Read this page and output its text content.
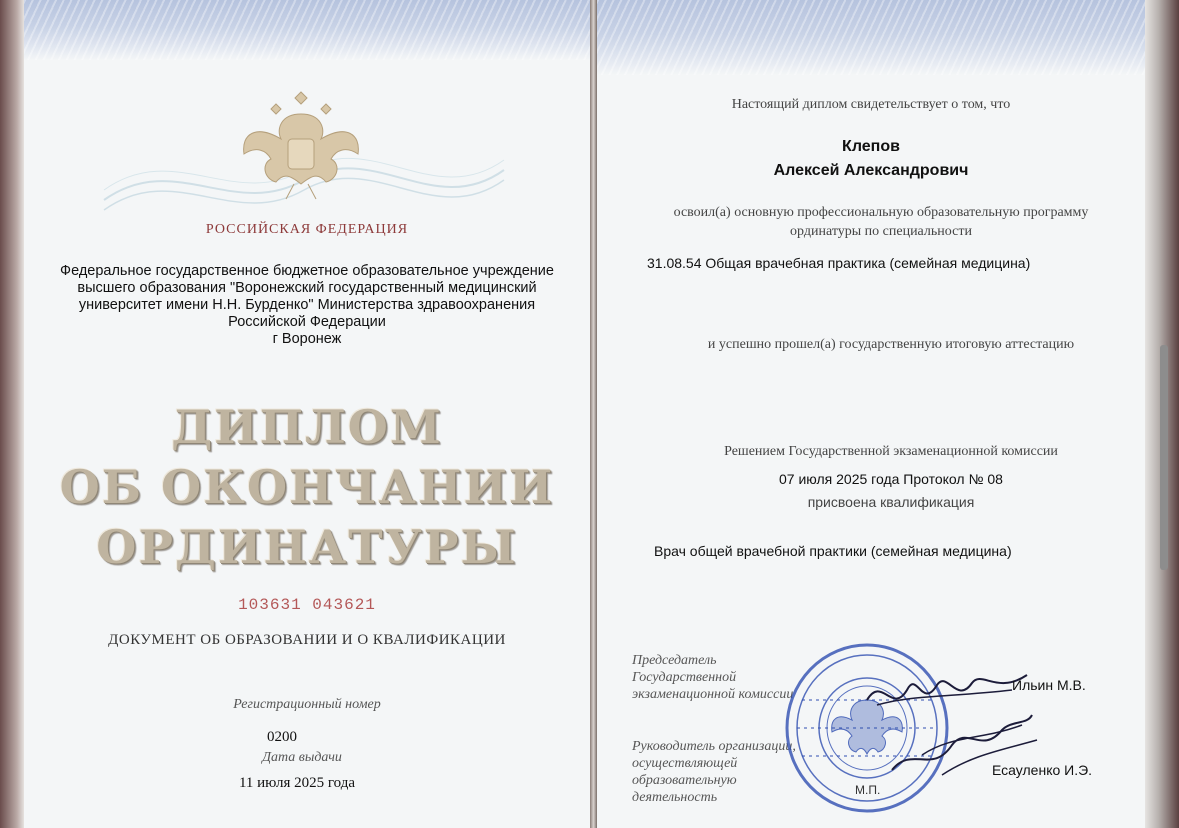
РОССИЙСКАЯ ФЕДЕРАЦИЯ
Федеральное государственное бюджетное образовательное учреждение
высшего образования "Воронежский государственный медицинский
университет имени Н.Н. Бурденко" Министерства здравоохранения
Российской Федерации
г Воронеж
ДИПЛОМ
ОБ ОКОНЧАНИИ
ОРДИНАТУРЫ
103631 043621
ДОКУМЕНТ ОБ ОБРАЗОВАНИИ И О КВАЛИФИКАЦИИ
Регистрационный номер
0200
Дата выдачи
11 июля 2025 года
Настоящий диплом свидетельствует о том, что
Клепов
Алексей Александрович
освоил(а) основную профессиональную образовательную программу
ординатуры по специальности
31.08.54 Общая врачебная практика (семейная медицина)
и успешно прошел(а) государственную итоговую аттестацию
Решением Государственной экзаменационной комиссии
07 июля 2025 года Протокол № 08
присвоена квалификация
Врач общей врачебной практики (семейная медицина)
Председатель
Государственной
экзаменационной комиссии
Руководитель организации,
осуществляющей образовательную
деятельность
Ильин М.В.
Есауленко И.Э.
М.П.
